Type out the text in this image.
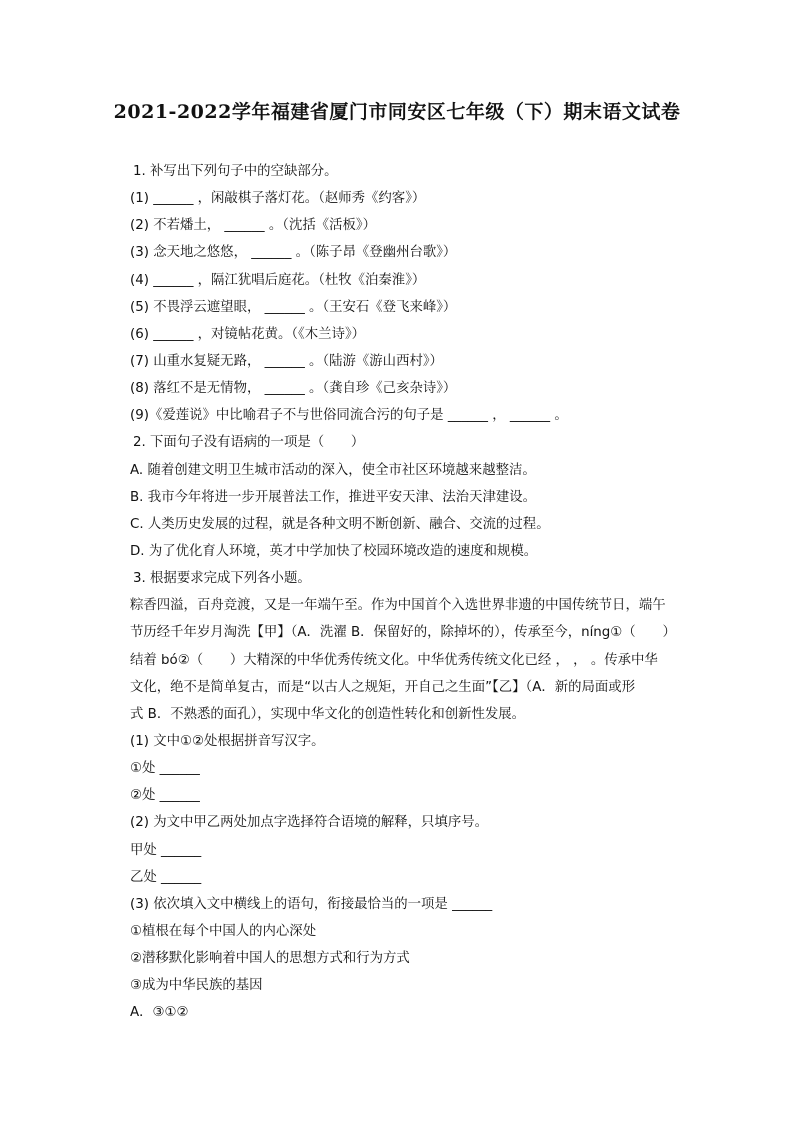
2021-2022学年福建省厦门市同安区七年级（下）期末语文试卷
1. 补写出下列句子中的空缺部分。
(1) ______ ，闲敲棋子落灯花。（赵师秀《约客》）
(2) 不若燔土， ______ 。（沈括《活板》）
(3) 念天地之悠悠， ______ 。（陈子昂《登幽州台歌》）
(4) ______ ，隔江犹唱后庭花。（杜牧《泊秦淮》）
(5) 不畏浮云遮望眼， ______ 。（王安石《登飞来峰》）
(6) ______ ，对镜帖花黄。（《木兰诗》）
(7) 山重水复疑无路， ______ 。（陆游《游山西村》）
(8) 落红不是无情物， ______ 。（龚自珍《己亥杂诗》）
(9)《爱莲说》中比喻君子不与世俗同流合污的句子是 ______ ， ______ 。
2. 下面句子没有语病的一项是（　　）
A. 随着创建文明卫生城市活动的深入，使全市社区环境越来越整洁。
B. 我市今年将进一步开展普法工作，推进平安天津、法治天津建设。
C. 人类历史发展的过程，就是各种文明不断创新、融合、交流的过程。
D. 为了优化育人环境，英才中学加快了校园环境改造的速度和规模。
3. 根据要求完成下列各小题。
粽香四溢，百舟竞渡，又是一年端午至。作为中国首个入选世界非遗的中国传统节日，端午
节历经千年岁月淘洗【甲】（A．洗濯 B．保留好的，除掉坏的），传承至今，níng①（　　）
结着 bó②（　　）大精深的中华优秀传统文化。中华优秀传统文化已经 ， ， 。传承中华
文化，绝不是简单复古，而是“以古人之规矩，开自己之生面”【乙】（A．新的局面或形
式 B．不熟悉的面孔），实现中华文化的创造性转化和创新性发展。
(1) 文中①②处根据拼音写汉字。
①处 ______
②处 ______
(2) 为文中甲乙两处加点字选择符合语境的解释，只填序号。
甲处 ______
乙处 ______
(3) 依次填入文中横线上的语句，衔接最恰当的一项是 ______
①植根在每个中国人的内心深处
②潜移默化影响着中国人的思想方式和行为方式
③成为中华民族的基因
A．③①②
